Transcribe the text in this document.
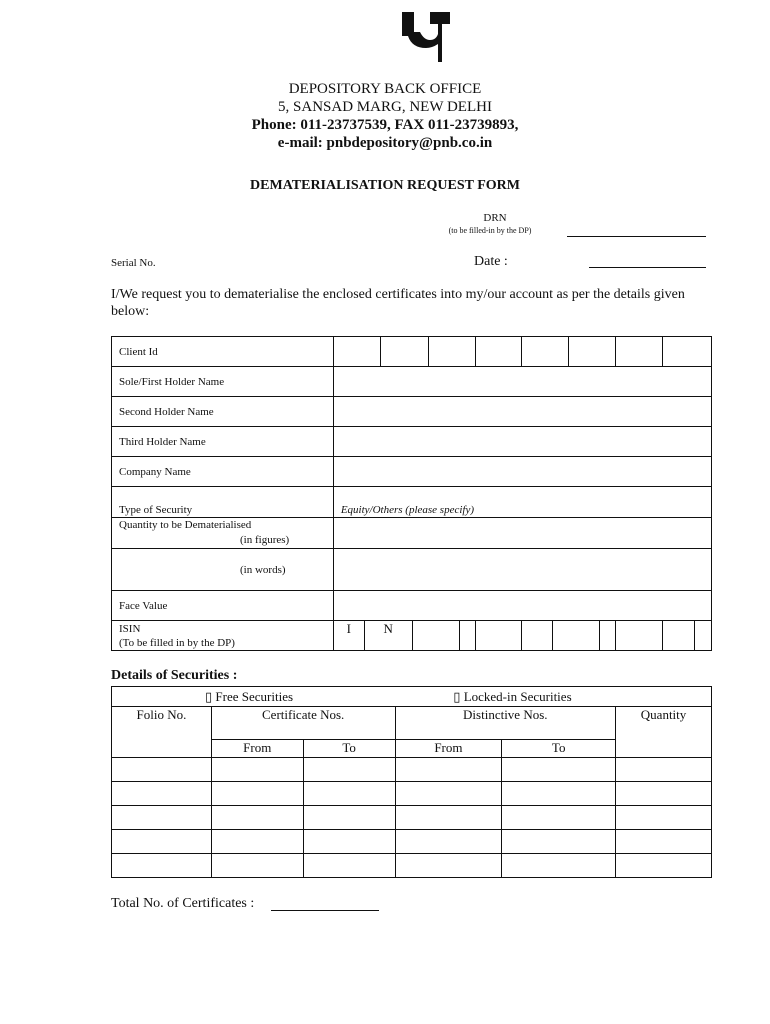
DEPOSITORY BACK OFFICE
5, SANSAD MARG, NEW DELHI
Phone: 011-23737539, FAX 011-23739893,
e-mail: pnbdepository@pnb.co.in
DEMATERIALISATION REQUEST FORM
DRN
(to be filled-in by the DP)
Serial No.	Date :
I/We request you to dematerialise the enclosed certificates into my/our account as per the details given below:
Client Id														
Sole/First Holder Name														
Second Holder Name														
Third Holder Name														
Company Name														
Type of Security	Equity/Others (please specify)													

Quantity to be Dematerialised
(in figures)														

(in words)														
Face Value														

ISIN
(To be filled in by the DP)	I	N												
Details of Securities :
▯ Free Securities ▯ Locked-in Securities					
Folio No.	Certificate Nos.		Distinctive Nos.		Quantity
	From	To	From	To	

Total No. of Certificates :
